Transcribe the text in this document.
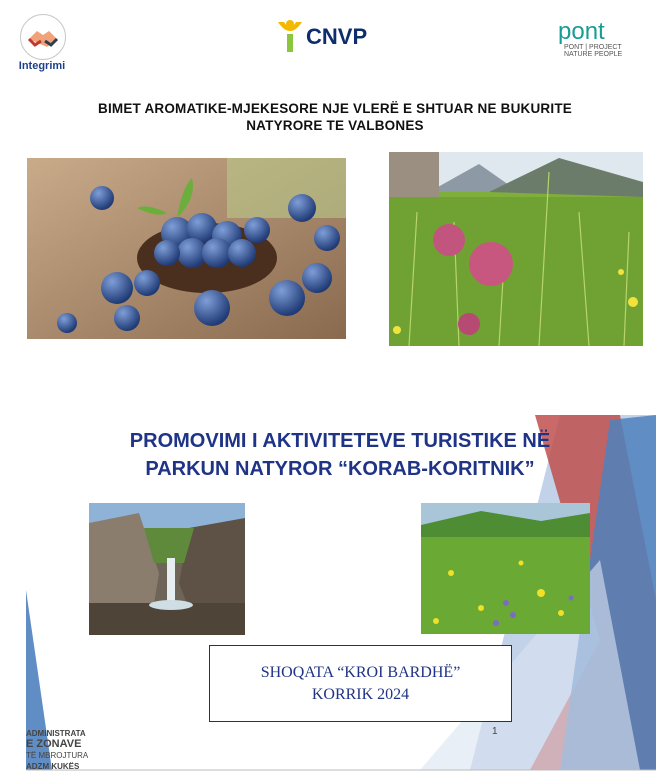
Integrimi
CNVP	pont
PONT | PROJECT NATURE PEOPLE
BIMET AROMATIKE-MJEKESORE NJE VLERË E SHTUAR NE BUKURITE
NATYRORE TE VALBONES
PROMOVIMI I AKTIVITETEVE TURISTIKE NË
PARKUN NATYROR “KORAB-KORITNIK”
SHOQATA “KROI BARDHË”
KORRIK 2024
1
ADMINISTRATA
E ZONAVE
TË MBROJTURA
ADZM KUKËS
